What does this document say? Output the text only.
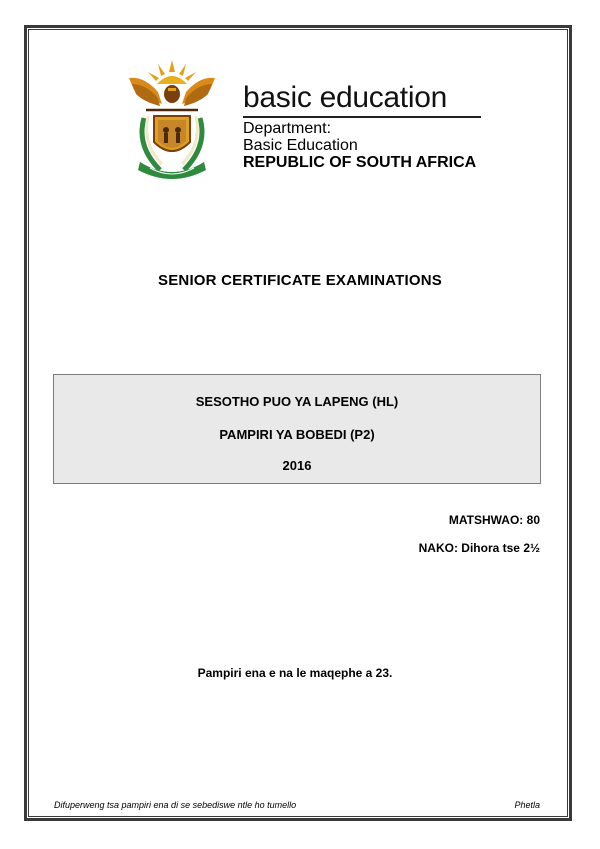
basic education
Department:
Basic Education
REPUBLIC OF SOUTH AFRICA
SENIOR CERTIFICATE EXAMINATIONS
SESOTHO PUO YA LAPENG (HL)
PAMPIRI YA BOBEDI (P2)
2016
MATSHWAO: 80
NAKO: Dihora tse 2½
Pampiri ena e na le maqephe a 23.
Difuperweng tsa pampiri ena di se sebediswe ntle ho tumello	Phetla
